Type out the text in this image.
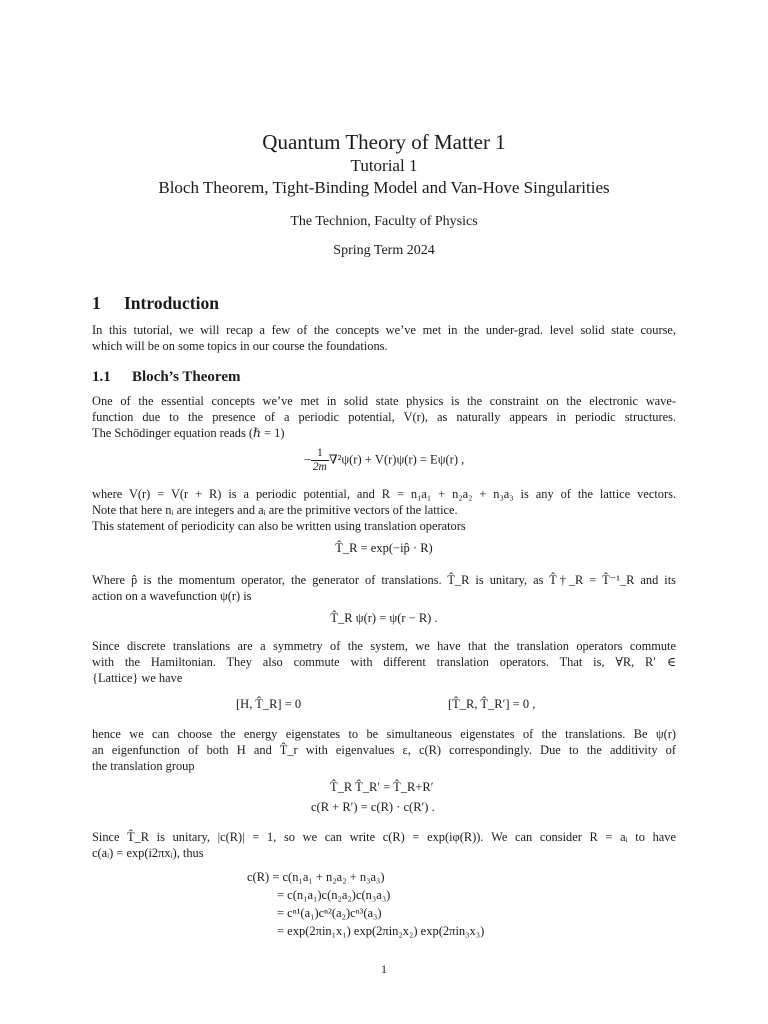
Quantum Theory of Matter 1
Tutorial 1
Bloch Theorem, Tight-Binding Model and Van-Hove Singularities
The Technion, Faculty of Physics
Spring Term 2024
1 Introduction
In this tutorial, we will recap a few of the concepts we’ve met in the under-grad. level solid state course,
which will be on some topics in our course the foundations.
1.1 Bloch’s Theorem
One of the essential concepts we’ve met in solid state physics is the constraint on the electronic wave-
function due to the presence of a periodic potential, V(r), as naturally appears in periodic structures.
The Schödinger equation reads (ℏ = 1)
− $\frac{1}{2m} \nabla^2\psi(r) + V(r)\psi(r) = E\psi(r)$ ,
where V(r) = V(r + R) is a periodic potential, and R = n₁a₁ + n₂a₂ + n₃a₃ is any of the lattice vectors.
Note that here nᵢ are integers and aᵢ are the primitive vectors of the lattice.
This statement of periodicity can also be written using translation operators
T̂_R = exp(−ip̂ · R)
Where p̂ is the momentum operator, the generator of translations. T̂_R is unitary, as T̂†_R = T̂⁻¹_R and its
action on a wavefunction ψ(r) is
T̂_R ψ(r) = ψ(r − R) .
Since discrete translations are a symmetry of the system, we have that the translation operators commute
with the Hamiltonian. They also commute with different translation operators. That is, ∀R, R′ ∈
{Lattice} we have
[H, T̂_R] = 0	[T̂_R, T̂_R′] = 0 ,
hence we can choose the energy eigenstates to be simultaneous eigenstates of the translations. Be ψ(r)
an eigenfunction of both H and T̂_r with eigenvalues ε, c(R) correspondingly. Due to the additivity of
the translation group
T̂_R T̂_R′ = T̂_R+R′
c(R + R′) = c(R) · c(R′) .
Since T̂_R is unitary, |c(R)| = 1, so we can write c(R) = exp(iφ(R)). We can consider R = aᵢ to have
c(aᵢ) = exp(i2πxᵢ), thus
c(R) = c(n₁a₁ + n₂a₂ + n₃a₃)
= c(n₁a₁)c(n₂a₂)c(n₃a₃)
= cⁿ¹(a₁)cⁿ²(a₂)cⁿ³(a₃)
= exp(2πin₁x₁) exp(2πin₂x₂) exp(2πin₃x₃)
1
